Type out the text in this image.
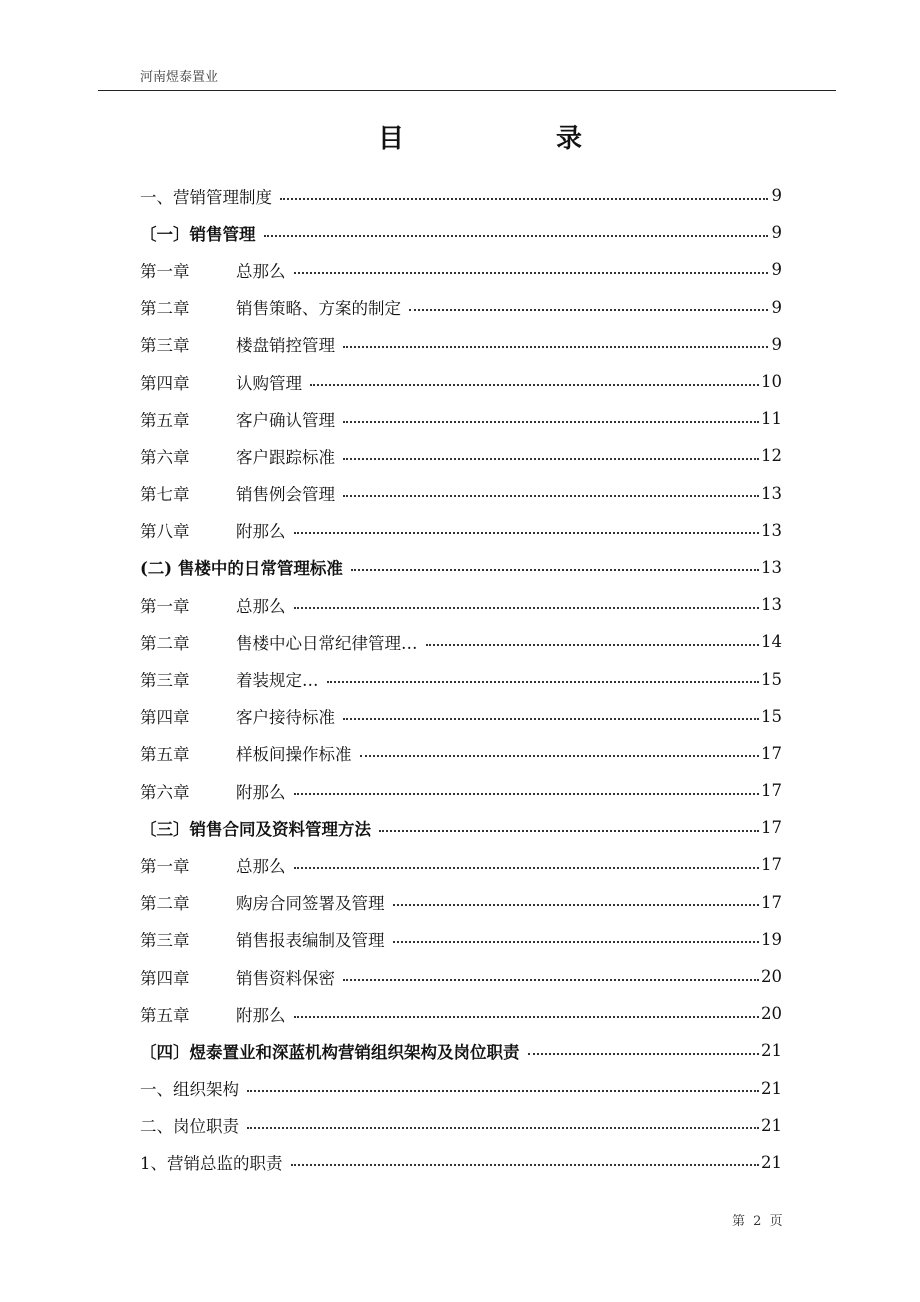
河南煜泰置业
目	录
一、营销管理制度	9
〔一〕销售管理	9
第一章	总那么	9
第二章	销售策略、方案的制定	9
第三章	楼盘销控管理	9
第四章	认购管理	10
第五章	客户确认管理	11
第六章	客户跟踪标准	12
第七章	销售例会管理	13
第八章	附那么	13
(二) 售楼中的日常管理标准	13
第一章	总那么	13
第二章	售楼中心日常纪律管理…	14
第三章	着装规定…	15
第四章	客户接待标准	15
第五章	样板间操作标准	17
第六章	附那么	17
〔三〕销售合同及资料管理方法	17
第一章	总那么	17
第二章	购房合同签署及管理	17
第三章	销售报表编制及管理	19
第四章	销售资料保密	20
第五章	附那么	20
〔四〕煜泰置业和深蓝机构营销组织架构及岗位职责	21
一、组织架构	21
二、岗位职责	21
1、营销总监的职责	21
第 2 页
